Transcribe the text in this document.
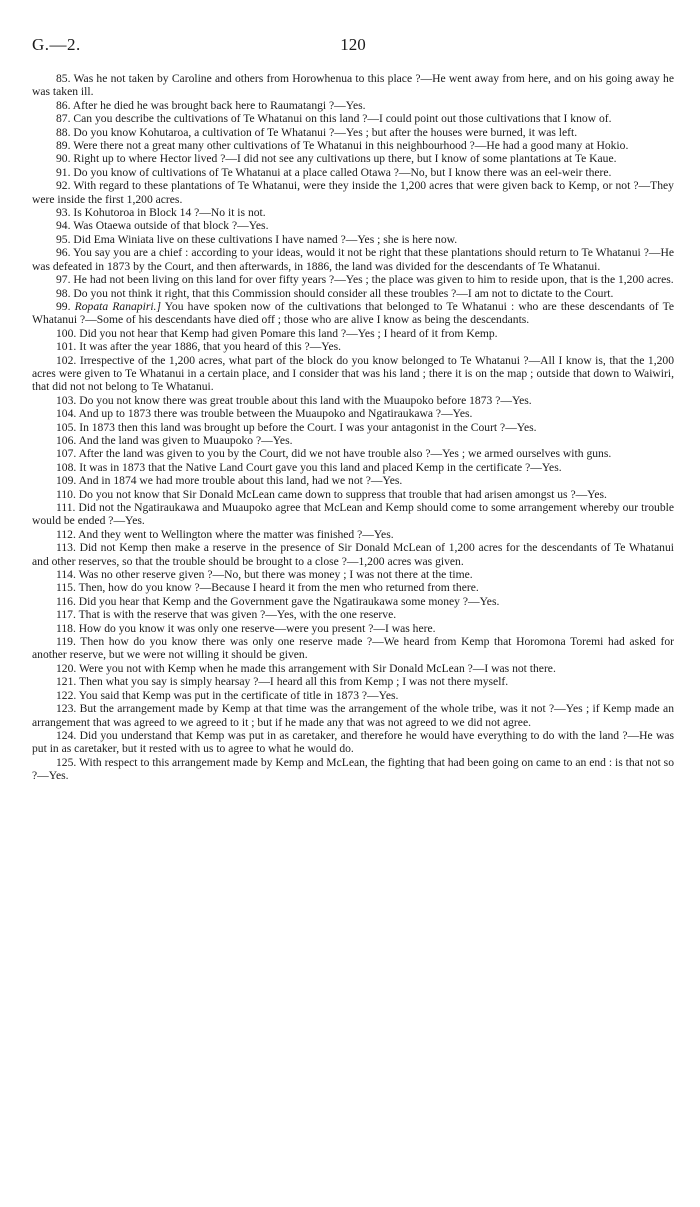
G.—2.	120

85. Was he not taken by Caroline and others from Horowhenua to this place ?—He went away from here, and on his going away he was taken ill.

86. After he died he was brought back here to Raumatangi ?—Yes.

87. Can you describe the cultivations of Te Whatanui on this land ?—I could point out those cultivations that I know of.

88. Do you know Kohutaroa, a cultivation of Te Whatanui ?—Yes ; but after the houses were burned, it was left.

89. Were there not a great many other cultivations of Te Whatanui in this neighbourhood ?—He had a good many at Hokio.

90. Right up to where Hector lived ?—I did not see any cultivations up there, but I know of some plantations at Te Kaue.

91. Do you know of cultivations of Te Whatanui at a place called Otawa ?—No, but I know there was an eel-weir there.

92. With regard to these plantations of Te Whatanui, were they inside the 1,200 acres that were given back to Kemp, or not ?—They were inside the first 1,200 acres.

93. Is Kohutoroa in Block 14 ?—No it is not.

94. Was Otaewa outside of that block ?—Yes.

95. Did Ema Winiata live on these cultivations I have named ?—Yes ; she is here now.

96. You say you are a chief : according to your ideas, would it not be right that these plantations should return to Te Whatanui ?—He was defeated in 1873 by the Court, and then afterwards, in 1886, the land was divided for the descendants of Te Whatanui.

97. He had not been living on this land for over fifty years ?—Yes ; the place was given to him to reside upon, that is the 1,200 acres.

98. Do you not think it right, that this Commission should consider all these troubles ?—I am not to dictate to the Court.

99. Ropata Ranapiri.] You have spoken now of the cultivations that belonged to Te Whatanui : who are these descendants of Te Whatanui ?—Some of his descendants have died off ; those who are alive I know as being the descendants.

100. Did you not hear that Kemp had given Pomare this land ?—Yes ; I heard of it from Kemp.

101. It was after the year 1886, that you heard of this ?—Yes.

102. Irrespective of the 1,200 acres, what part of the block do you know belonged to Te Whatanui ?—All I know is, that the 1,200 acres were given to Te Whatanui in a certain place, and I consider that was his land ; there it is on the map ; outside that down to Waiwiri, that did not not belong to Te Whatanui.

103. Do you not know there was great trouble about this land with the Muaupoko before 1873 ?—Yes.

104. And up to 1873 there was trouble between the Muaupoko and Ngatiraukawa ?—Yes.

105. In 1873 then this land was brought up before the Court. I was your antagonist in the Court ?—Yes.

106. And the land was given to Muaupoko ?—Yes.

107. After the land was given to you by the Court, did we not have trouble also ?—Yes ; we armed ourselves with guns.

108. It was in 1873 that the Native Land Court gave you this land and placed Kemp in the certificate ?—Yes.

109. And in 1874 we had more trouble about this land, had we not ?—Yes.

110. Do you not know that Sir Donald McLean came down to suppress that trouble that had arisen amongst us ?—Yes.

111. Did not the Ngatiraukawa and Muaupoko agree that McLean and Kemp should come to some arrangement whereby our trouble would be ended ?—Yes.

112. And they went to Wellington where the matter was finished ?—Yes.

113. Did not Kemp then make a reserve in the presence of Sir Donald McLean of 1,200 acres for the descendants of Te Whatanui and other reserves, so that the trouble should be brought to a close ?—1,200 acres was given.

114. Was no other reserve given ?—No, but there was money ; I was not there at the time.

115. Then, how do you know ?—Because I heard it from the men who returned from there.

116. Did you hear that Kemp and the Government gave the Ngatiraukawa some money ?—Yes.

117. That is with the reserve that was given ?—Yes, with the one reserve.

118. How do you know it was only one reserve—were you present ?—I was here.

119. Then how do you know there was only one reserve made ?—We heard from Kemp that Horomona Toremi had asked for another reserve, but we were not willing it should be given.

120. Were you not with Kemp when he made this arrangement with Sir Donald McLean ?—I was not there.

121. Then what you say is simply hearsay ?—I heard all this from Kemp ; I was not there myself.

122. You said that Kemp was put in the certificate of title in 1873 ?—Yes.

123. But the arrangement made by Kemp at that time was the arrangement of the whole tribe, was it not ?—Yes ; if Kemp made an arrangement that was agreed to we agreed to it ; but if he made any that was not agreed to we did not agree.

124. Did you understand that Kemp was put in as caretaker, and therefore he would have everything to do with the land ?—He was put in as caretaker, but it rested with us to agree to what he would do.

125. With respect to this arrangement made by Kemp and McLean, the fighting that had been going on came to an end : is that not so ?—Yes.
